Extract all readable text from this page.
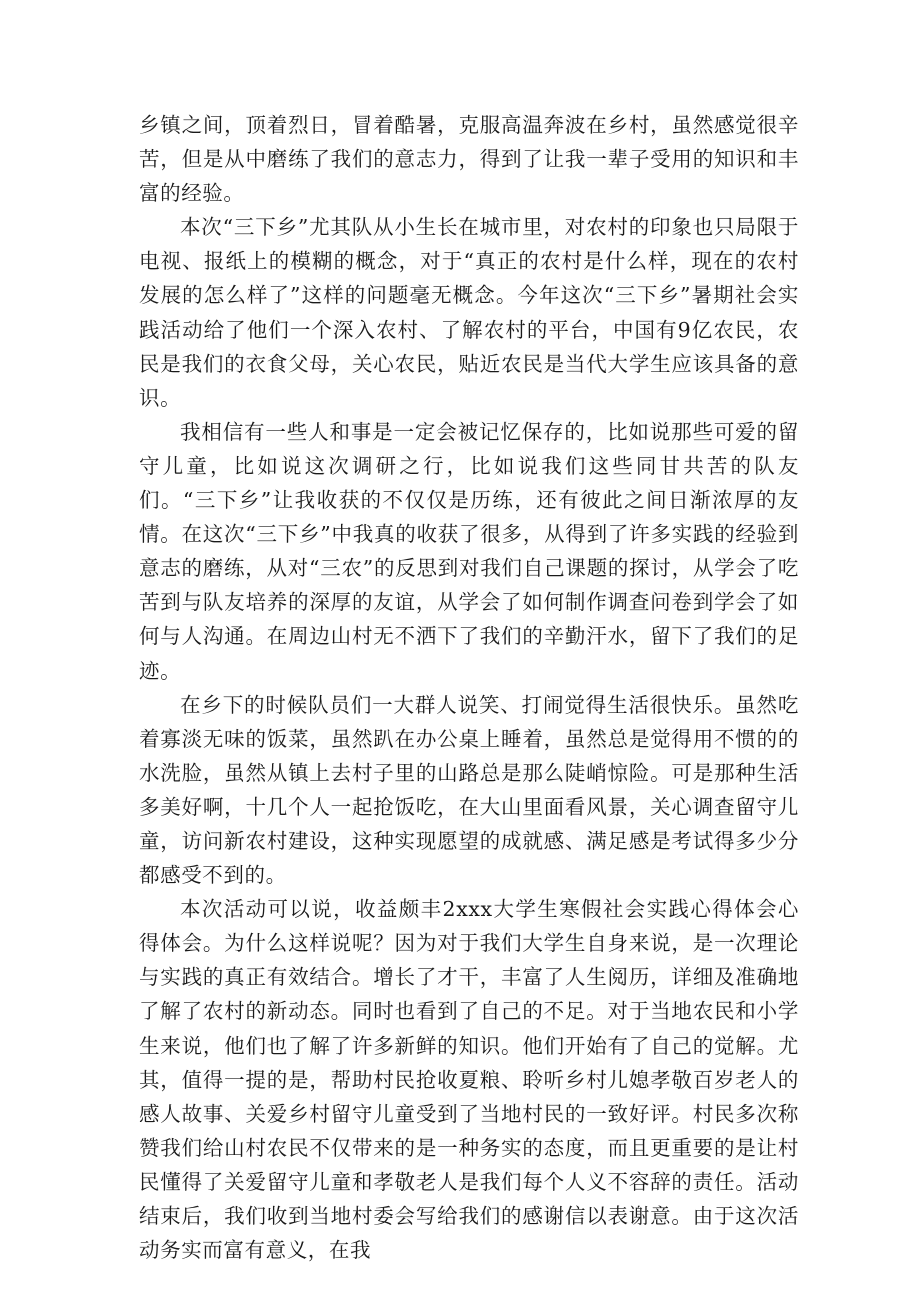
乡镇之间，顶着烈日，冒着酷暑，克服高温奔波在乡村，虽然感觉很辛苦，但是从中磨练了我们的意志力，得到了让我一辈子受用的知识和丰富的经验。

本次“三下乡”尤其队从小生长在城市里，对农村的印象也只局限于电视、报纸上的模糊的概念，对于“真正的农村是什么样，现在的农村发展的怎么样了”这样的问题毫无概念。今年这次“三下乡”暑期社会实践活动给了他们一个深入农村、了解农村的平台，中国有9亿农民，农民是我们的衣食父母，关心农民，贴近农民是当代大学生应该具备的意识。

我相信有一些人和事是一定会被记忆保存的，比如说那些可爱的留守儿童，比如说这次调研之行，比如说我们这些同甘共苦的队友们。“三下乡”让我收获的不仅仅是历练，还有彼此之间日渐浓厚的友情。在这次“三下乡”中我真的收获了很多，从得到了许多实践的经验到意志的磨练，从对“三农”的反思到对我们自己课题的探讨，从学会了吃苦到与队友培养的深厚的友谊，从学会了如何制作调查问卷到学会了如何与人沟通。在周边山村无不洒下了我们的辛勤汗水，留下了我们的足迹。

在乡下的时候队员们一大群人说笑、打闹觉得生活很快乐。虽然吃着寡淡无味的饭菜，虽然趴在办公桌上睡着，虽然总是觉得用不惯的的水洗脸，虽然从镇上去村子里的山路总是那么陡峭惊险。可是那种生活多美好啊，十几个人一起抢饭吃，在大山里面看风景，关心调查留守儿童，访问新农村建设，这种实现愿望的成就感、满足感是考试得多少分都感受不到的。

本次活动可以说，收益颇丰2xxx大学生寒假社会实践心得体会心得体会。为什么这样说呢？因为对于我们大学生自身来说，是一次理论与实践的真正有效结合。增长了才干，丰富了人生阅历，详细及准确地了解了农村的新动态。同时也看到了自己的不足。对于当地农民和小学生来说，他们也了解了许多新鲜的知识。他们开始有了自己的觉解。尤其，值得一提的是，帮助村民抢收夏粮、聆听乡村儿媳孝敬百岁老人的感人故事、关爱乡村留守儿童受到了当地村民的一致好评。村民多次称赞我们给山村农民不仅带来的是一种务实的态度，而且更重要的是让村民懂得了关爱留守儿童和孝敬老人是我们每个人义不容辞的责任。活动结束后，我们收到当地村委会写给我们的感谢信以表谢意。由于这次活动务实而富有意义，在我
